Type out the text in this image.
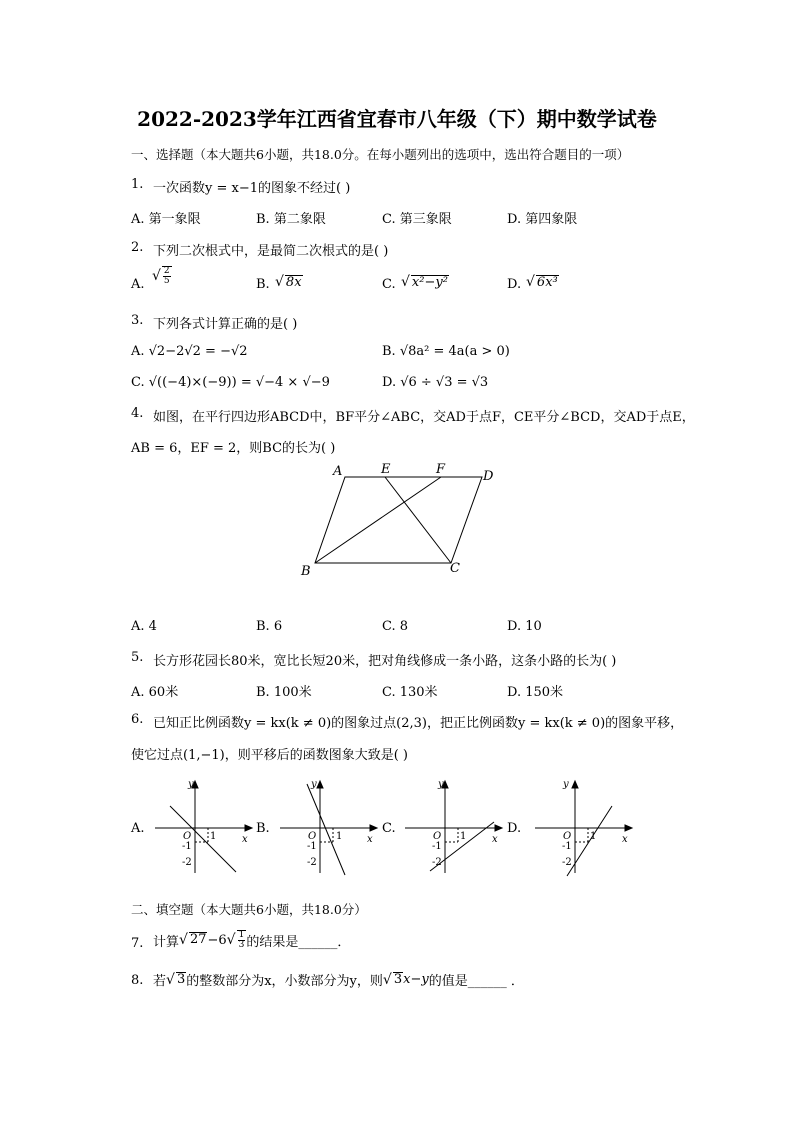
2022-2023学年江西省宜春市八年级（下）期中数学试卷
一、选择题（本大题共6小题，共18.0分。在每小题列出的选项中，选出符合题目的一项）
1. 一次函数y = x−1的图象不经过( )
A. 第一象限	B. 第二象限	C. 第三象限	D. 第四象限
2. 下列二次根式中，是最简二次根式的是( )
A.
√ $\frac{2}{5}$	B. √ 8x	C. √ x²−y²	D. √ 6x³
3. 下列各式计算正确的是( )
A. √2−2√2 = −√2	B. √8a² = 4a(a > 0)
C. √((−4)×(−9)) = √−4 × √−9	D. √6 ÷ √3 = √3
4. 如图，在平行四边形ABCD中，BF平分∠ABC，交AD于点F，CE平分∠BCD，交AD于点E，
AB = 6，EF = 2，则BC的长为( )
A	E	F	D
B	C
A. 4	B. 6	C. 8	D. 10
5. 长方形花园长80米，宽比长短20米，把对角线修成一条小路，这条小路的长为( )
A. 60米	B. 100米	C. 130米	D. 150米
6. 已知正比例函数y = kx(k ≠ 0)的图象过点(2,3)，把正比例函数y = kx(k ≠ 0)的图象平移，
使它过点(1,−1)，则平移后的函数图象大致是( )
A.	B.	C.	D.
y
x
O 1
-1
-2
y
x
O 1
-1
-2
y
x
O 1
-1
-2
y
x
O 1
-1
-2
二、填空题（本大题共6小题，共18.0分）
7. 计算 √ 27 −6 √ $\frac{1}{3}$ 的结果是______．
8. 若 √ 3 的整数部分为x，小数部分为y，则 √ 3 x−y 的值是______ ．
